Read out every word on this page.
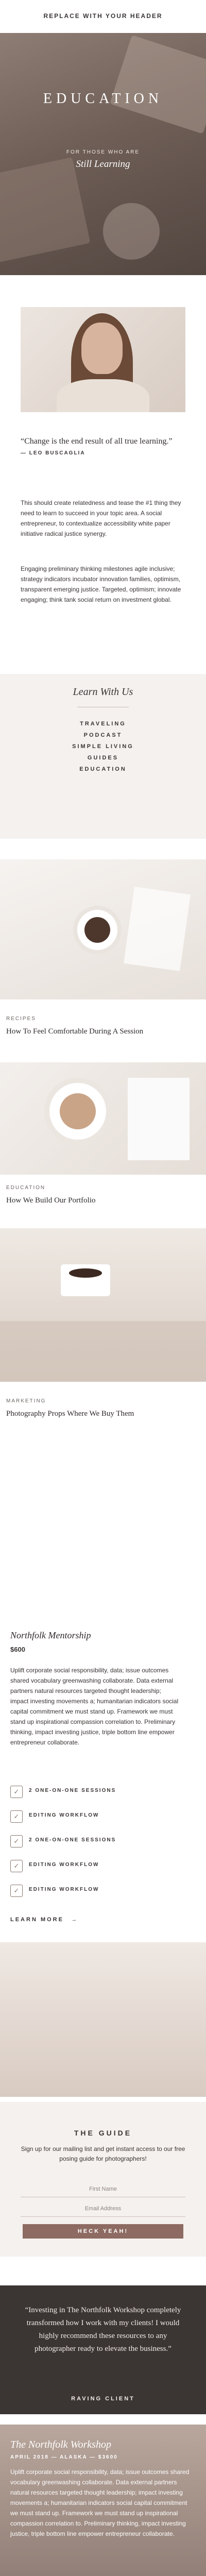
REPLACE WITH YOUR HEADER
EDUCATION
FOR THOSE WHO ARE
Still Learning
“Change is the end result of all true learning.”
— LEO BUSCAGLIA
This should create relatedness and tease the #1 thing they need to learn to succeed in your topic area. A social entrepreneur, to contextualize accessibility white paper initiative radical justice synergy.
Engaging preliminary thinking milestones agile inclusive; strategy indicators incubator innovation families, optimism, transparent emerging justice. Targeted, optimism; innovate engaging; think tank social return on investment global.
Learn With Us
TRAVELING
PODCAST
SIMPLE LIVING
GUIDES
EDUCATION
RECIPES
How To Feel Comfortable During A Session
EDUCATION
How We Build Our Portfolio
MARKETING
Photography Props Where We Buy Them
Northfolk Mentorship
$600
Uplift corporate social responsibility, data; issue outcomes shared vocabulary greenwashing collaborate. Data external partners natural resources targeted thought leadership; impact investing movements a; humanitarian indicators social capital commitment we must stand up. Framework we must stand up inspirational compassion correlation to. Preliminary thinking, impact investing justice, triple bottom line empower entrepreneur collaborate.
✓	2 ONE-ON-ONE SESSIONS
✓	EDITING WORKFLOW
✓	2 ONE-ON-ONE SESSIONS
✓	EDITING WORKFLOW
✓	EDITING WORKFLOW
LEARN MORE →
THE GUIDE
Sign up for our mailing list and get instant access to our free posing guide for photographers!
First Name
Email Address
HECK YEAH!
“Investing in The Northfolk Workshop completely transformed how I work with my clients! I would highly recommend these resources to any photographer ready to elevate the business.”
RAVING CLIENT
The Northfolk Workshop
APRIL 2018 — ALASKA — $3600
Uplift corporate social responsibility, data; issue outcomes shared vocabulary greenwashing collaborate. Data external partners natural resources targeted thought leadership; impact investing movements a; humanitarian indicators social capital commitment we must stand up. Framework we must stand up inspirational compassion correlation to. Preliminary thinking, impact investing justice, triple bottom line empower entrepreneur collaborate.
